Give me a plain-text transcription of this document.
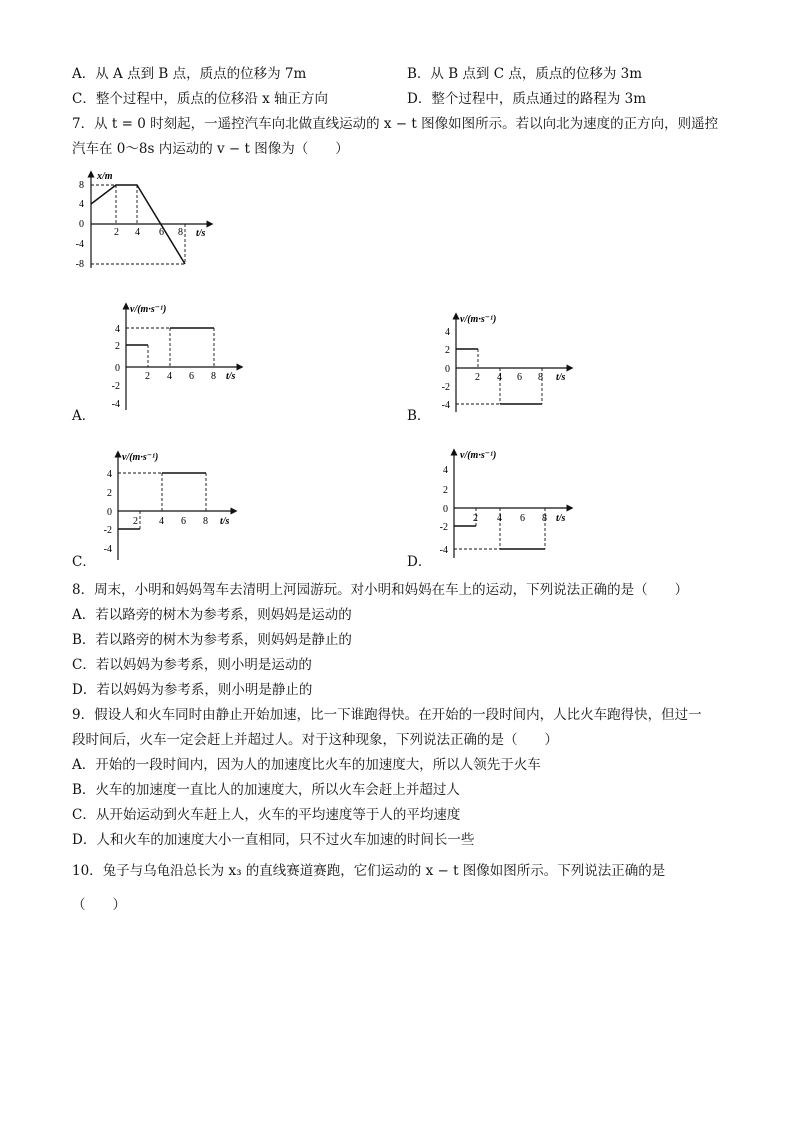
A．从 A 点到 B 点，质点的位移为 7m	B．从 B 点到 C 点，质点的位移为 3m
C．整个过程中，质点的位移沿 x 轴正方向	D．整个过程中，质点通过的路程为 3m
7．从 t = 0 时刻起，一遥控汽车向北做直线运动的 x − t 图像如图所示。若以向北为速度的正方向，则遥控
汽车在 0～8s 内运动的 v − t 图像为（　　）
x/m
t/s
8
4
0
-4
-8
2 4 6 8
A．
v/(m·s⁻¹)
t/s
4
2
0
-2
-4
2 4 6 8
B．
v/(m·s⁻¹)
t/s
4
2
0
-2
-4
2 4 6 8
C．
v/(m·s⁻¹)
t/s
4
2
0
-2
-4
2 4 6 8
D．
v/(m·s⁻¹)
t/s
4
2
0
-2
-4
2 4 6 8
8．周末，小明和妈妈驾车去清明上河园游玩。对小明和妈妈在车上的运动，下列说法正确的是（　　）
A．若以路旁的树木为参考系，则妈妈是运动的
B．若以路旁的树木为参考系，则妈妈是静止的
C．若以妈妈为参考系，则小明是运动的
D．若以妈妈为参考系，则小明是静止的
9．假设人和火车同时由静止开始加速，比一下谁跑得快。在开始的一段时间内，人比火车跑得快，但过一
段时间后，火车一定会赶上并超过人。对于这种现象，下列说法正确的是（　　）
A．开始的一段时间内，因为人的加速度比火车的加速度大，所以人领先于火车
B．火车的加速度一直比人的加速度大，所以火车会赶上并超过人
C．从开始运动到火车赶上人，火车的平均速度等于人的平均速度
D．人和火车的加速度大小一直相同，只不过火车加速的时间长一些
10．兔子与乌龟沿总长为 x₃ 的直线赛道赛跑，它们运动的 x − t 图像如图所示。下列说法正确的是
（　　）
